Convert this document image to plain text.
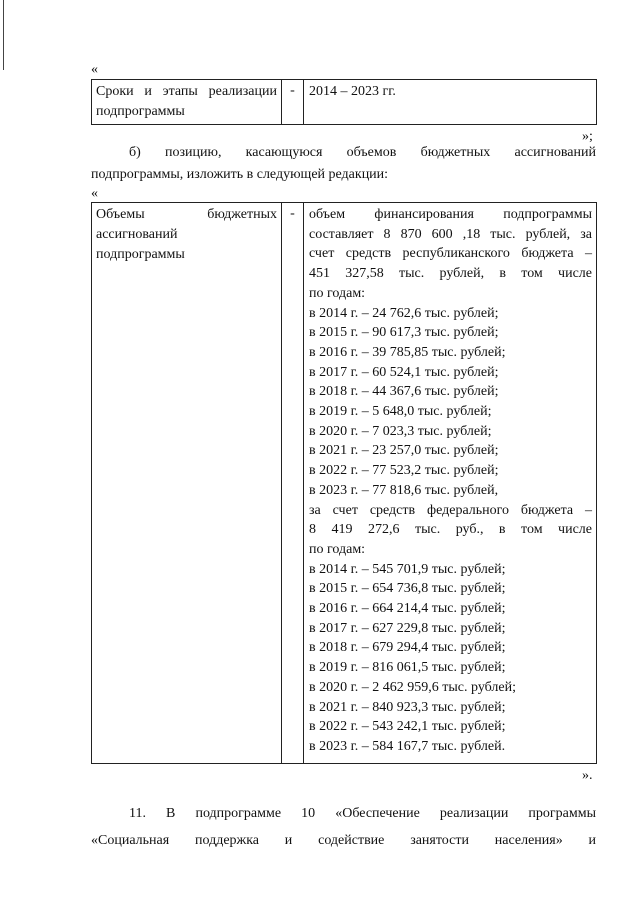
«
Сроки и этапы реализации
подпрограммы
	-	2014 – 2023 гг.
»;
б) позицию, касающуюся объемов бюджетных ассигнований
подпрограммы, изложить в следующей редакции:
«
Объемы бюджетных
ассигнований
подпрограммы
	-	объем финансирования подпрограммы
составляет 8 870 600 ,18 тыс. рублей, за
счет средств республиканского бюджета –
451 327,58 тыс. рублей, в том числе
по годам:
в 2014 г. – 24 762,6 тыс. рублей;
в 2015 г. – 90 617,3 тыс. рублей;
в 2016 г. – 39 785,85 тыс. рублей;
в 2017 г. – 60 524,1 тыс. рублей;
в 2018 г. – 44 367,6 тыс. рублей;
в 2019 г. – 5 648,0 тыс. рублей;
в 2020 г. – 7 023,3 тыс. рублей;
в 2021 г. – 23 257,0 тыс. рублей;
в 2022 г. – 77 523,2 тыс. рублей;
в 2023 г. – 77 818,6 тыс. рублей,
за счет средств федерального бюджета –
8 419 272,6 тыс. руб., в том числе
по годам:
в 2014 г. – 545 701,9 тыс. рублей;
в 2015 г. – 654 736,8 тыс. рублей;
в 2016 г. – 664 214,4 тыс. рублей;
в 2017 г. – 627 229,8 тыс. рублей;
в 2018 г. – 679 294,4 тыс. рублей;
в 2019 г. – 816 061,5 тыс. рублей;
в 2020 г. – 2 462 959,6 тыс. рублей;
в 2021 г. – 840 923,3 тыс. рублей;
в 2022 г. – 543 242,1 тыс. рублей;
в 2023 г. – 584 167,7 тыс. рублей.
».
11. В подпрограмме 10 «Обеспечение реализации программы
«Социальная поддержка и содействие занятости населения» и
